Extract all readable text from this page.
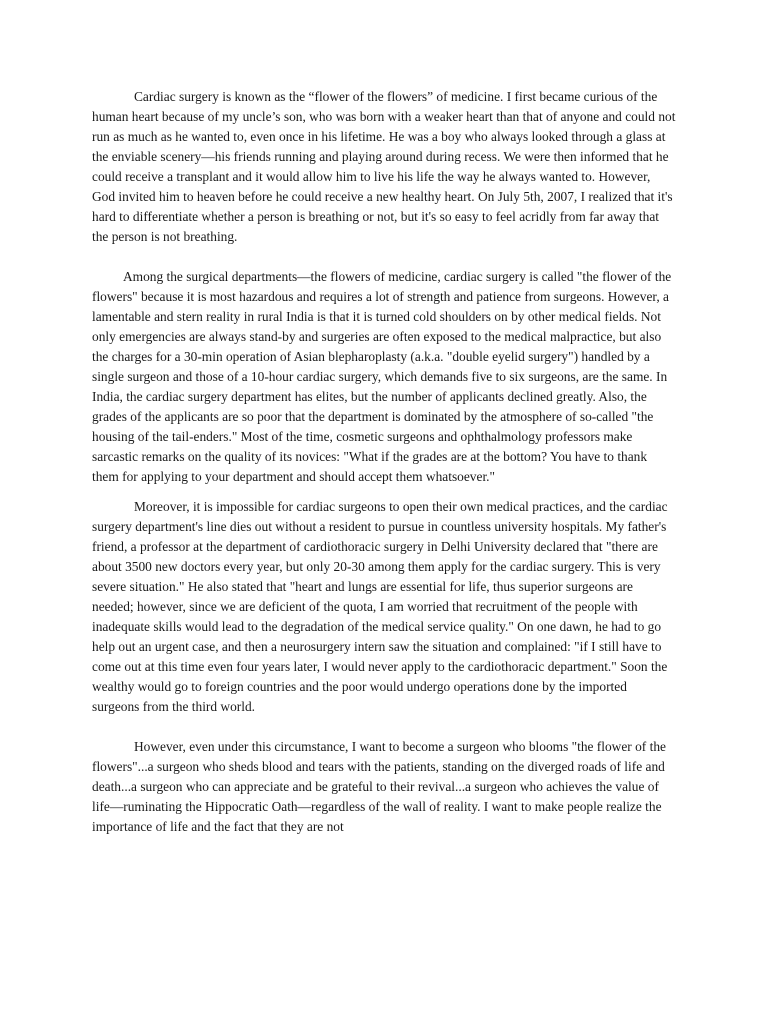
Cardiac surgery is known as the “flower of the flowers” of medicine. I first became curious of the human heart because of my uncle’s son, who was born with a weaker heart than that of anyone and could not run as much as he wanted to, even once in his lifetime. He was a boy who always looked through a glass at the enviable scenery—his friends running and playing around during recess. We were then informed that he could receive a transplant and it would allow him to live his life the way he always wanted to. However, God invited him to heaven before he could receive a new healthy heart. On July 5th, 2007, I realized that it's hard to differentiate whether a person is breathing or not, but it's so easy to feel acridly from far away that the person is not breathing.

Among the surgical departments—the flowers of medicine, cardiac surgery is called "the flower of the flowers" because it is most hazardous and requires a lot of strength and patience from surgeons. However, a lamentable and stern reality in rural India is that it is turned cold shoulders on by other medical fields. Not only emergencies are always stand-by and surgeries are often exposed to the medical malpractice, but also the charges for a 30-min operation of Asian blepharoplasty (a.k.a. "double eyelid surgery") handled by a single surgeon and those of a 10-hour cardiac surgery, which demands five to six surgeons, are the same. In India, the cardiac surgery department has elites, but the number of applicants declined greatly. Also, the grades of the applicants are so poor that the department is dominated by the atmosphere of so-called "the housing of the tail-enders." Most of the time, cosmetic surgeons and ophthalmology professors make sarcastic remarks on the quality of its novices: "What if the grades are at the bottom? You have to thank them for applying to your department and should accept them whatsoever."

Moreover, it is impossible for cardiac surgeons to open their own medical practices, and the cardiac surgery department's line dies out without a resident to pursue in countless university hospitals. My father's friend, a professor at the department of cardiothoracic surgery in Delhi University declared that "there are about 3500 new doctors every year, but only 20-30 among them apply for the cardiac surgery. This is very severe situation." He also stated that "heart and lungs are essential for life, thus superior surgeons are needed; however, since we are deficient of the quota, I am worried that recruitment of the people with inadequate skills would lead to the degradation of the medical service quality." On one dawn, he had to go help out an urgent case, and then a neurosurgery intern saw the situation and complained: "if I still have to come out at this time even four years later, I would never apply to the cardiothoracic department." Soon the wealthy would go to foreign countries and the poor would undergo operations done by the imported surgeons from the third world.

However, even under this circumstance, I want to become a surgeon who blooms "the flower of the flowers"...a surgeon who sheds blood and tears with the patients, standing on the diverged roads of life and death...a surgeon who can appreciate and be grateful to their revival...a surgeon who achieves the value of life—ruminating the Hippocratic Oath—regardless of the wall of reality. I want to make people realize the importance of life and the fact that they are not
